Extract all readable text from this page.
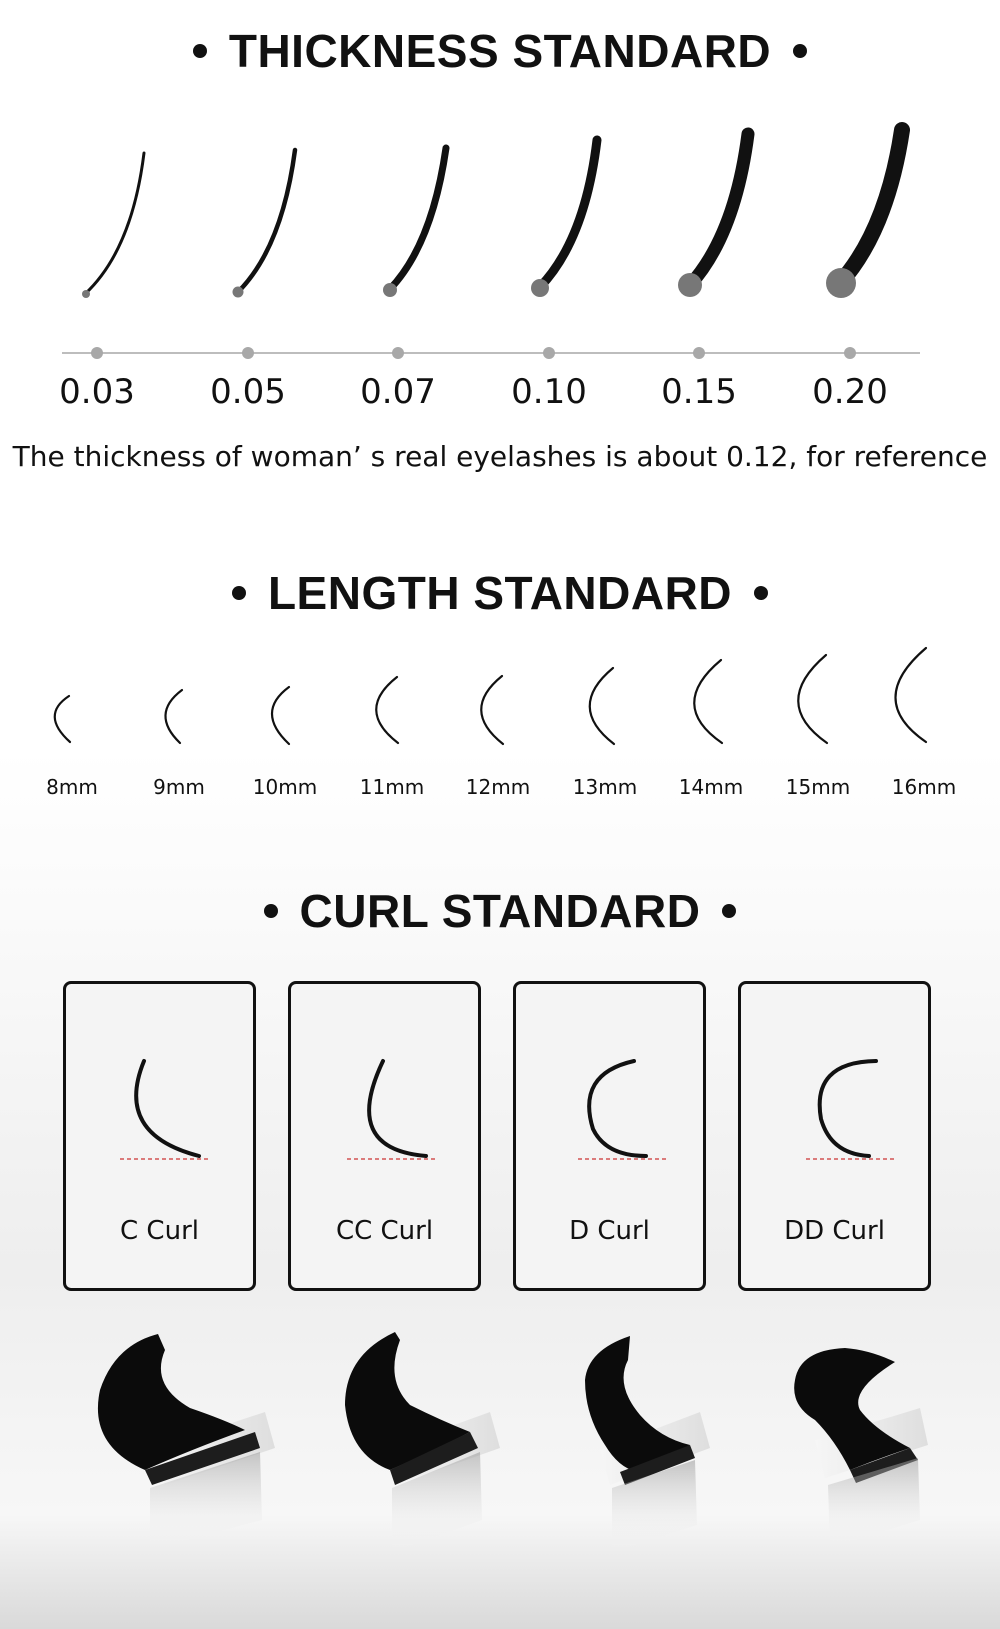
THICKNESS STANDARD
0.03	0.05	0.07	0.10	0.15	0.20
The thickness of woman’ s real eyelashes is about 0.12, for reference
LENGTH STANDARD
8mm	9mm	10mm	11mm	12mm	13mm	14mm	15mm	16mm
CURL STANDARD
C Curl	CC Curl	D Curl	DD Curl
